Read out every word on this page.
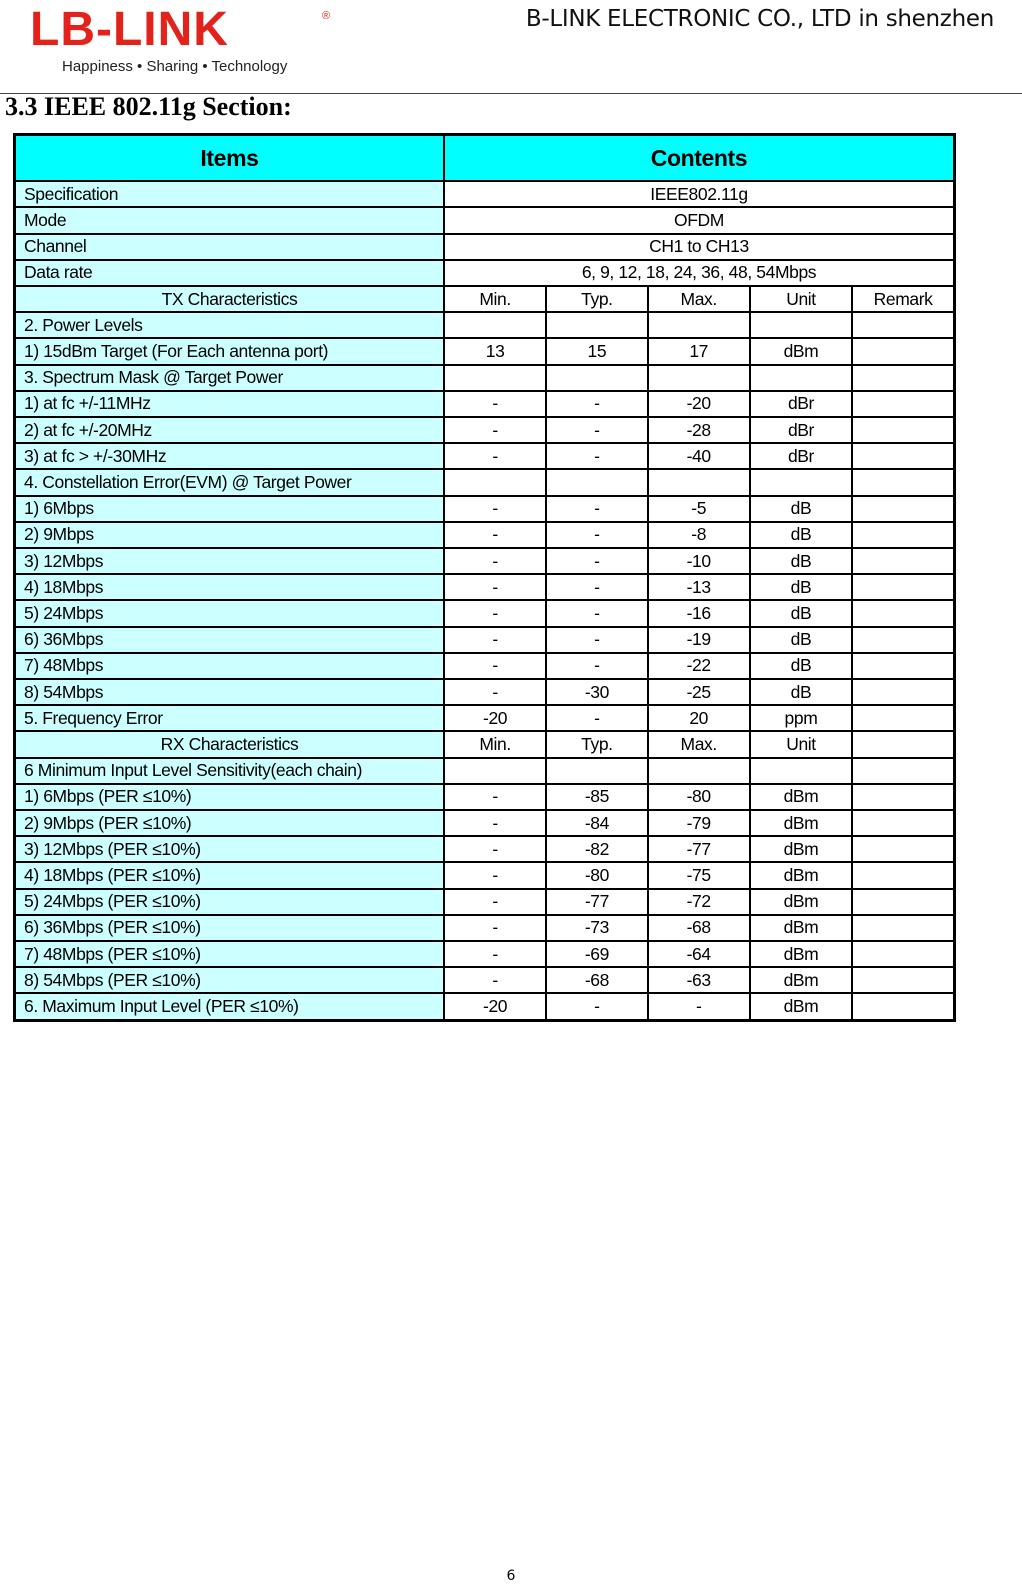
LB-LINK	®
Happiness • Sharing • Technology
B-LINK ELECTRONIC CO., LTD in shenzhen
3.3 IEEE 802.11g Section:
Items	Contents				
Specification	IEEE802.11g				
Mode	OFDM				
Channel	CH1 to CH13				
Data rate	6, 9, 12, 18, 24, 36, 48, 54Mbps				
TX Characteristics	Min.	Typ.	Max.	Unit	Remark
2. Power Levels					
1) 15dBm Target (For Each antenna port)	13	15	17	dBm	
3. Spectrum Mask @ Target Power					
1) at fc +/-11MHz	-	-	-20	dBr	
2) at fc +/-20MHz	-	-	-28	dBr	
3) at fc > +/-30MHz	-	-	-40	dBr	
4. Constellation Error(EVM) @ Target Power					
1) 6Mbps	-	-	-5	dB	
2) 9Mbps	-	-	-8	dB	
3) 12Mbps	-	-	-10	dB	
4) 18Mbps	-	-	-13	dB	
5) 24Mbps	-	-	-16	dB	
6) 36Mbps	-	-	-19	dB	
7) 48Mbps	-	-	-22	dB	
8) 54Mbps	-	-30	-25	dB	
5. Frequency Error	-20	-	20	ppm	
RX Characteristics	Min.	Typ.	Max.	Unit	
6 Minimum Input Level Sensitivity(each chain)					
1) 6Mbps (PER ≤10%)	-	-85	-80	dBm	
2) 9Mbps (PER ≤10%)	-	-84	-79	dBm	
3) 12Mbps (PER ≤10%)	-	-82	-77	dBm	
4) 18Mbps (PER ≤10%)	-	-80	-75	dBm	
5) 24Mbps (PER ≤10%)	-	-77	-72	dBm	
6) 36Mbps (PER ≤10%)	-	-73	-68	dBm	
7) 48Mbps (PER ≤10%)	-	-69	-64	dBm	
8) 54Mbps (PER ≤10%)	-	-68	-63	dBm	
6. Maximum Input Level (PER ≤10%)	-20	-	-	dBm	
6
